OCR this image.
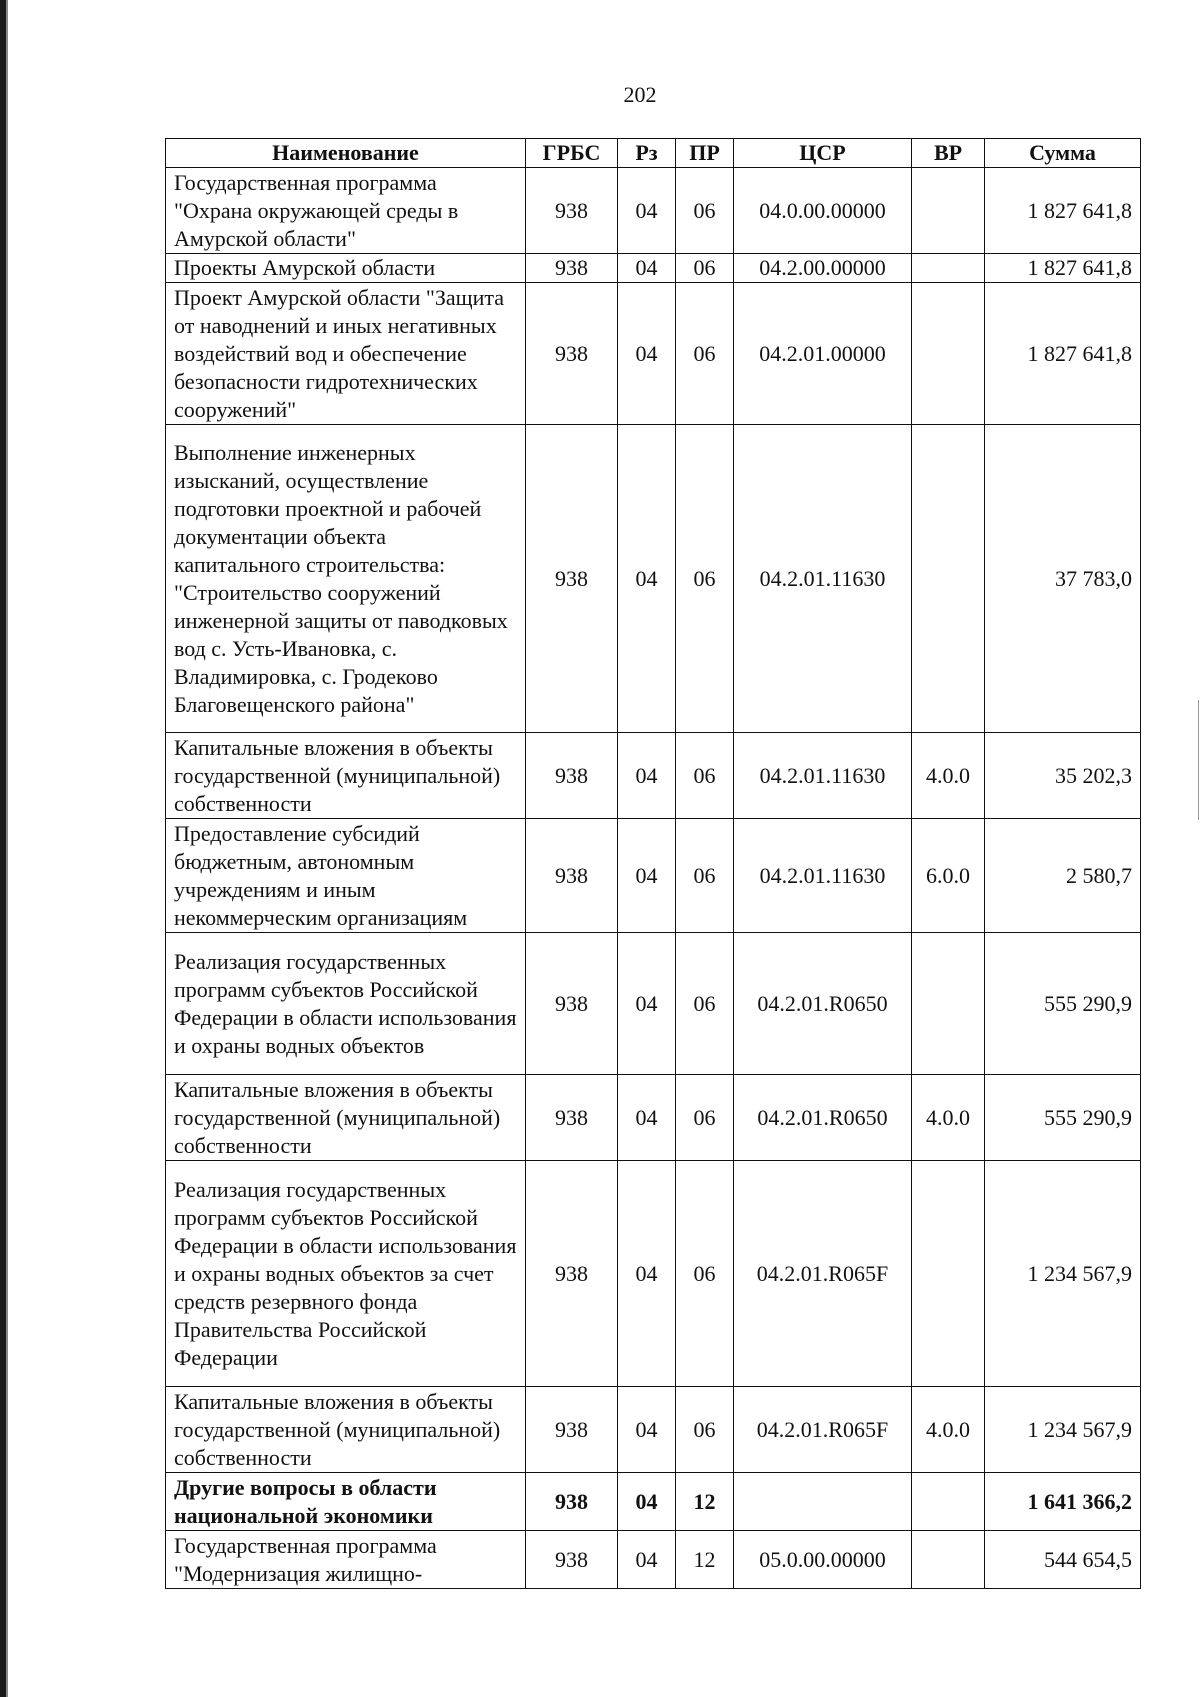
202
Наименование	ГРБС	Рз	ПР	ЦСР	ВР	Сумма
Государственная программа "Охрана окружающей среды в Амурской области"	938	04	06	04.0.00.00000		1 827 641,8
Проекты Амурской области	938	04	06	04.2.00.00000		1 827 641,8
Проект Амурской области "Защита от наводнений и иных негативных воздействий вод и обеспечение безопасности гидротехнических сооружений"	938	04	06	04.2.01.00000		1 827 641,8
Выполнение инженерных изысканий, осуществление подготовки проектной и рабочей документации объекта капитального строительства: "Строительство сооружений инженерной защиты от паводковых вод с. Усть-Ивановка, с. Владимировка, с. Гродеково Благовещенского района"	938	04	06	04.2.01.11630		37 783,0
Капитальные вложения в объекты государственной (муниципальной) собственности	938	04	06	04.2.01.11630	4.0.0	35 202,3
Предоставление субсидий бюджетным, автономным учреждениям и иным некоммерческим организациям	938	04	06	04.2.01.11630	6.0.0	2 580,7
Реализация государственных программ субъектов Российской Федерации в области использования и охраны водных объектов	938	04	06	04.2.01.R0650		555 290,9
Капитальные вложения в объекты государственной (муниципальной) собственности	938	04	06	04.2.01.R0650	4.0.0	555 290,9
Реализация государственных программ субъектов Российской Федерации в области использования и охраны водных объектов за счет средств резервного фонда Правительства Российской Федерации	938	04	06	04.2.01.R065F		1 234 567,9
Капитальные вложения в объекты государственной (муниципальной) собственности	938	04	06	04.2.01.R065F	4.0.0	1 234 567,9
Другие вопросы в области национальной экономики	938	04	12			1 641 366,2
Государственная программа "Модернизация жилищно-	938	04	12	05.0.00.00000		544 654,5
